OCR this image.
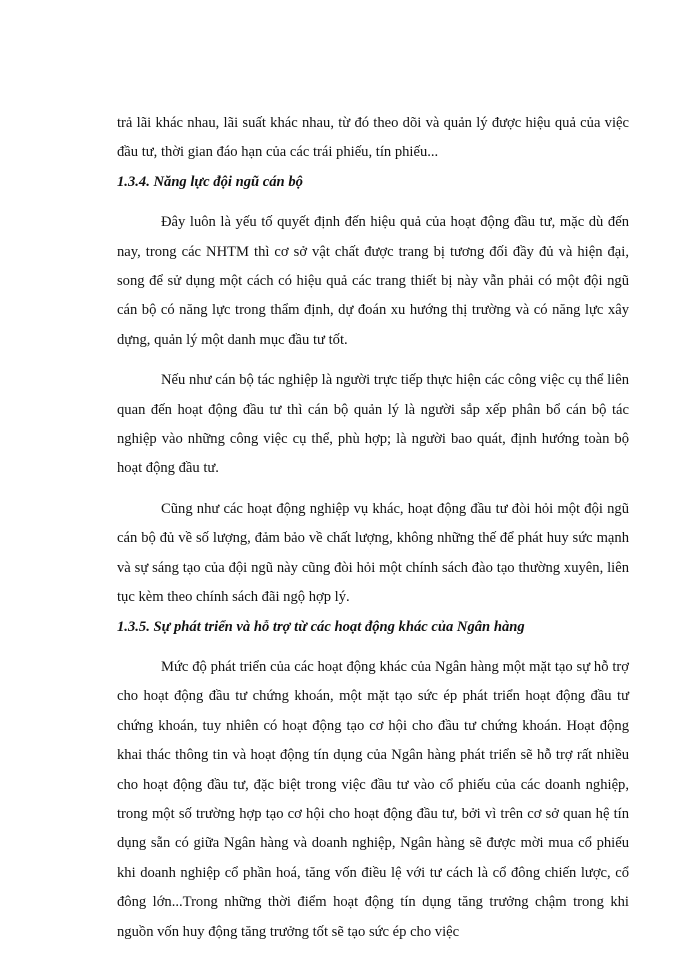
trả lãi khác nhau, lãi suất khác nhau, từ đó theo dõi và quản lý được hiệu quả của việc đầu tư, thời gian đáo hạn của các trái phiếu, tín phiếu...

1.3.4. Năng lực đội ngũ cán bộ

Đây luôn là yếu tố quyết định đến hiệu quả của hoạt động đầu tư, mặc dù đến nay, trong các NHTM thì cơ sở vật chất được trang bị tương đối đầy đủ và hiện đại, song để sử dụng một cách có hiệu quả các trang thiết bị này vẫn phải có một đội ngũ cán bộ có năng lực trong thẩm định, dự đoán xu hướng thị trường và có năng lực xây dựng, quản lý một danh mục đầu tư tốt.

Nếu như cán bộ tác nghiệp là người trực tiếp thực hiện các công việc cụ thể liên quan đến hoạt động đầu tư thì cán bộ quản lý là người sắp xếp phân bổ cán bộ tác nghiệp vào những công việc cụ thể, phù hợp; là người bao quát, định hướng toàn bộ hoạt động đầu tư.

Cũng như các hoạt động nghiệp vụ khác, hoạt động đầu tư đòi hỏi một đội ngũ cán bộ đủ về số lượng, đảm bảo về chất lượng, không những thế để phát huy sức mạnh và sự sáng tạo của đội ngũ này cũng đòi hỏi một chính sách đào tạo thường xuyên, liên tục kèm theo chính sách đãi ngộ hợp lý.

1.3.5. Sự phát triển và hỗ trợ từ các hoạt động khác của Ngân hàng

Mức độ phát triển của các hoạt động khác của Ngân hàng một mặt tạo sự hỗ trợ cho hoạt động đầu tư chứng khoán, một mặt tạo sức ép phát triển hoạt động đầu tư chứng khoán, tuy nhiên có hoạt động tạo cơ hội cho đầu tư chứng khoán. Hoạt động khai thác thông tin và hoạt động tín dụng của Ngân hàng phát triển sẽ hỗ trợ rất nhiều cho hoạt động đầu tư, đặc biệt trong việc đầu tư vào cổ phiếu của các doanh nghiệp, trong một số trường hợp tạo cơ hội cho hoạt động đầu tư, bởi vì trên cơ sở quan hệ tín dụng sẵn có giữa Ngân hàng và doanh nghiệp, Ngân hàng sẽ được mời mua cổ phiếu khi doanh nghiệp cổ phần hoá, tăng vốn điều lệ với tư cách là cổ đông chiến lược, cổ đông lớn...Trong những thời điểm hoạt động tín dụng tăng trưởng chậm trong khi nguồn vốn huy động tăng trưởng tốt sẽ tạo sức ép cho việc
